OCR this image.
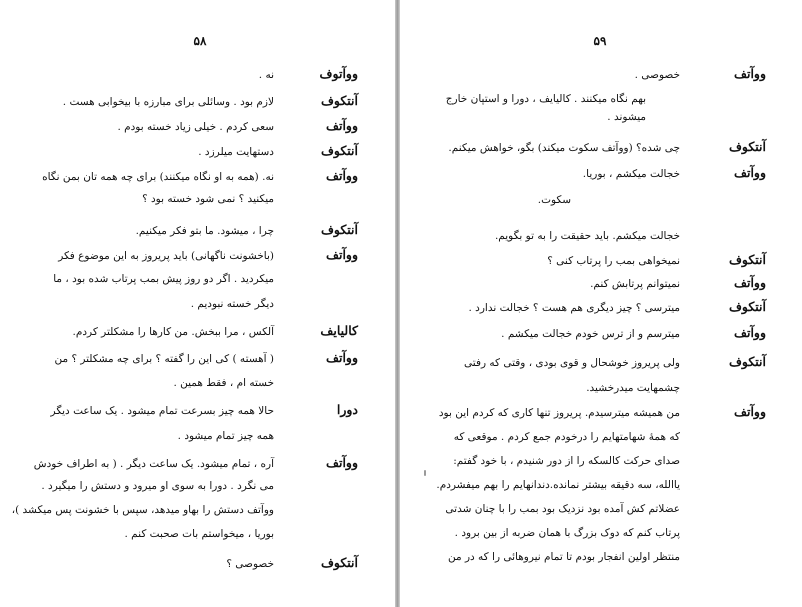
۵۸
ووآتوف
نه .
آنتکوف
لازم بود . وسائلی برای مبارزه با بیخوابی هست .
ووآتف
سعی کردم . خیلی زیاد خسته بودم .
آنتکوف
دستهایت میلرزد .
ووآتف
نه. (همه به او نگاه میکنند) برای چه همه تان بمن نگاه
میکنید ؟ نمی شود خسته بود ؟
آنتکوف
چرا ، میشود. ما بتو فکر میکنیم.
ووآتف
(باخشونت ناگهانی) باید پریروز به این موضوع فکر
میکردید . اگر دو روز پیش بمب پرتاب شده بود ، ما
دیگر خسته نبودیم .
کالیایف
آلکس ، مرا ببخش. من کارها را مشکلتر کردم.
ووآتف
( آهسته ) کی این را گفته ؟ برای چه مشکلتر ؟ من
خسته ام ، فقط همین .
دورا
حالا همه چیز بسرعت تمام میشود . یک ساعت دیگر
همه چیز تمام میشود .
ووآتف
آره ، تمام میشود. یک ساعت دیگر . ( به اطراف خودش
می نگرد . دورا به سوی او میرود و دستش را میگیرد .
ووآتف دستش را بهاو میدهد، سپس با خشونت پس میکشد )،
بوریا ، میخواستم بات صحبت کنم .
آنتکوف
خصوصی ؟
۵۹
ووآتف
خصوصی .
بهم نگاه میکنند . کالیایف ، دورا و استپان خارج
میشوند .
آنتکوف
چی شده؟ (ووآتف سکوت میکند) بگو، خواهش میکنم.
ووآتف
خجالت میکشم ، بوریا.
سکوت.
خجالت میکشم. باید حقیقت را به تو بگویم.
آنتکوف
نمیخواهی بمب را پرتاب کنی ؟
ووآتف
نمیتوانم پرتابش کنم.
آنتکوف
میترسی ؟ چیز دیگری هم هست ؟ خجالت ندارد .
ووآتف
میترسم و از ترس خودم خجالت میکشم .
آنتکوف
ولی پریروز خوشحال و قوی بودی ، وقتی که رفتی
چشمهایت میدرخشید.
ووآتف
من همیشه میترسیدم. پریروز تنها کاری که کردم این بود
که همهٔ شهامتهایم را درخودم جمع کردم . موقعی که
صدای حرکت کالسکه را از دور شنیدم ، با خود گفتم:
یاالله، سه دقیقه بیشتر نمانده.دندانهایم را بهم میفشردم.
عضلاتم کش آمده بود نزدیک بود بمب را با چنان شدتی
پرتاب کنم که دوک بزرگ با همان ضربه از بین برود .
منتظر اولین انفجار بودم تا تمام نیروهائی را که در من
